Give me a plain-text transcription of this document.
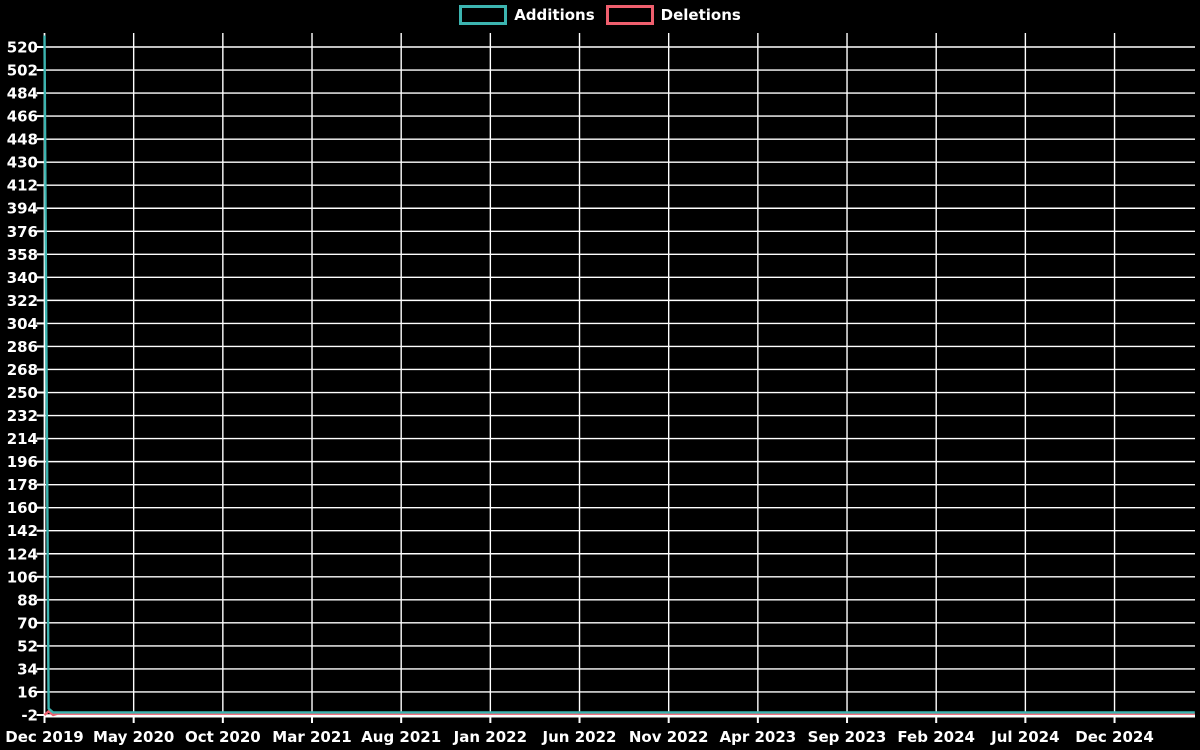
Additions	Deletions
-2
16
34
52
70
88
106
124
142
160
178
196
214
232
250
268
286
304
322
340
358
376
394
412
430
448
466
484
502
520
Dec 2019 May 2020 Oct 2020 Mar 2021 Aug 2021 Jan 2022 Jun 2022 Nov 2022 Apr 2023 Sep 2023 Feb 2024 Jul 2024 Dec 2024
